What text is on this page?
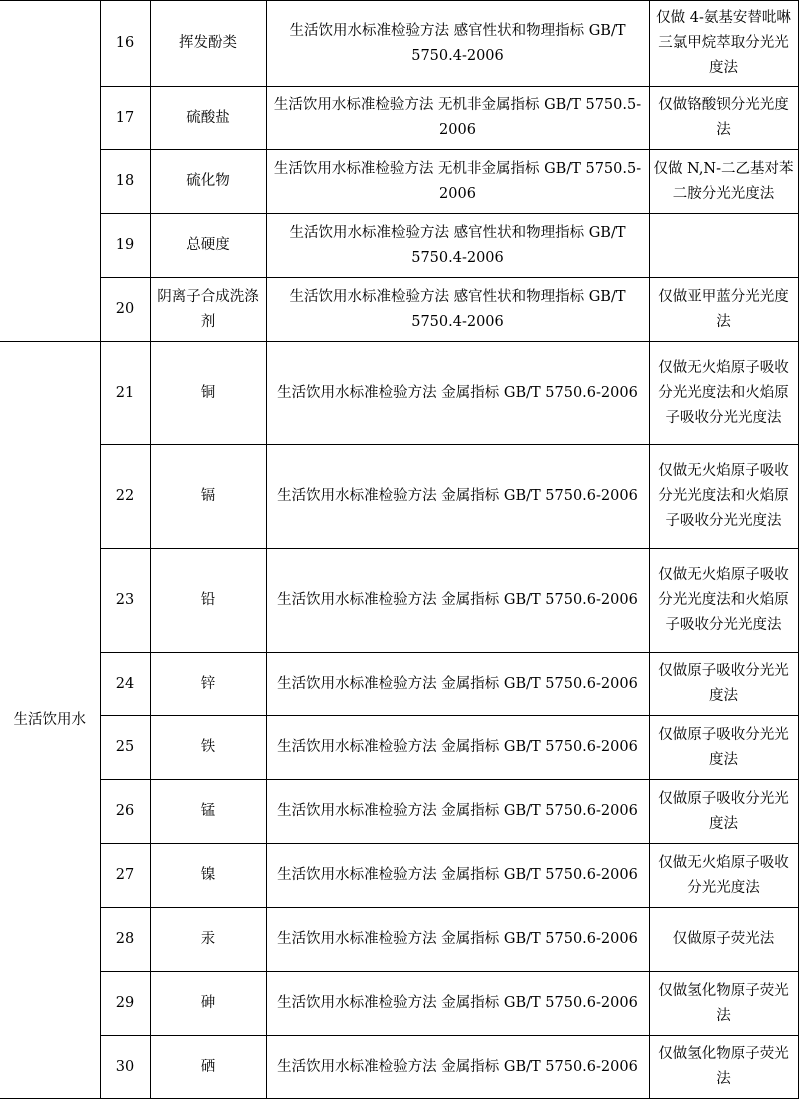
	16	挥发酚类	生活饮用水标准检验方法 感官性状和物理指标 GB/T 5750.4-2006	仅做 4-氨基安替吡啉三氯甲烷萃取分光光度法
	17	硫酸盐	生活饮用水标准检验方法 无机非金属指标 GB/T 5750.5-2006	仅做铬酸钡分光光度法
	18	硫化物	生活饮用水标准检验方法 无机非金属指标 GB/T 5750.5-2006	仅做 N,N-二乙基对苯二胺分光光度法
	19	总硬度	生活饮用水标准检验方法 感官性状和物理指标 GB/T 5750.4-2006	
	20	阴离子合成洗涤剂	生活饮用水标准检验方法 感官性状和物理指标 GB/T 5750.4-2006	仅做亚甲蓝分光光度法
生活饮用水	21	铜	生活饮用水标准检验方法 金属指标 GB/T 5750.6-2006	仅做无火焰原子吸收分光光度法和火焰原子吸收分光光度法
	22	镉	生活饮用水标准检验方法 金属指标 GB/T 5750.6-2006	仅做无火焰原子吸收分光光度法和火焰原子吸收分光光度法
	23	铅	生活饮用水标准检验方法 金属指标 GB/T 5750.6-2006	仅做无火焰原子吸收分光光度法和火焰原子吸收分光光度法
	24	锌	生活饮用水标准检验方法 金属指标 GB/T 5750.6-2006	仅做原子吸收分光光度法
	25	铁	生活饮用水标准检验方法 金属指标 GB/T 5750.6-2006	仅做原子吸收分光光度法
	26	锰	生活饮用水标准检验方法 金属指标 GB/T 5750.6-2006	仅做原子吸收分光光度法
	27	镍	生活饮用水标准检验方法 金属指标 GB/T 5750.6-2006	仅做无火焰原子吸收分光光度法
	28	汞	生活饮用水标准检验方法 金属指标 GB/T 5750.6-2006	仅做原子荧光法
	29	砷	生活饮用水标准检验方法 金属指标 GB/T 5750.6-2006	仅做氢化物原子荧光法
	30	硒	生活饮用水标准检验方法 金属指标 GB/T 5750.6-2006	仅做氢化物原子荧光法
